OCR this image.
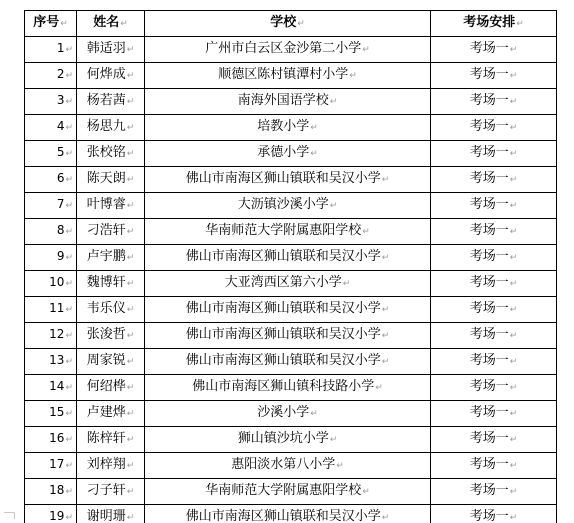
序号↵	姓名↵	学校↵	考场安排↵
1↵	韩适羽↵	广州市白云区金沙第二小学↵	考场一↵
2↵	何烨成↵	顺德区陈村镇潭村小学↵	考场一↵
3↵	杨若茜↵	南海外国语学校↵	考场一↵
4↵	杨思九↵	培教小学↵	考场一↵
5↵	张校铭↵	承德小学↵	考场一↵
6↵	陈天朗↵	佛山市南海区狮山镇联和吴汉小学↵	考场一↵
7↵	叶博睿↵	大沥镇沙溪小学↵	考场一↵
8↵	刁浩轩↵	华南师范大学附属惠阳学校↵	考场一↵
9↵	卢宇鹏↵	佛山市南海区狮山镇联和吴汉小学↵	考场一↵
10↵	魏博轩↵	大亚湾西区第六小学↵	考场一↵
11↵	韦乐仪↵	佛山市南海区狮山镇联和吴汉小学↵	考场一↵
12↵	张浚哲↵	佛山市南海区狮山镇联和吴汉小学↵	考场一↵
13↵	周家锐↵	佛山市南海区狮山镇联和吴汉小学↵	考场一↵
14↵	何绍桦↵	佛山市南海区狮山镇科技路小学↵	考场一↵
15↵	卢建烨↵	沙溪小学↵	考场一↵
16↵	陈梓轩↵	狮山镇沙坑小学↵	考场一↵
17↵	刘梓翔↵	惠阳淡水第八小学↵	考场一↵
18↵	刁子轩↵	华南师范大学附属惠阳学校↵	考场一↵
19↵	谢明珊↵	佛山市南海区狮山镇联和吴汉小学↵	考场一↵
